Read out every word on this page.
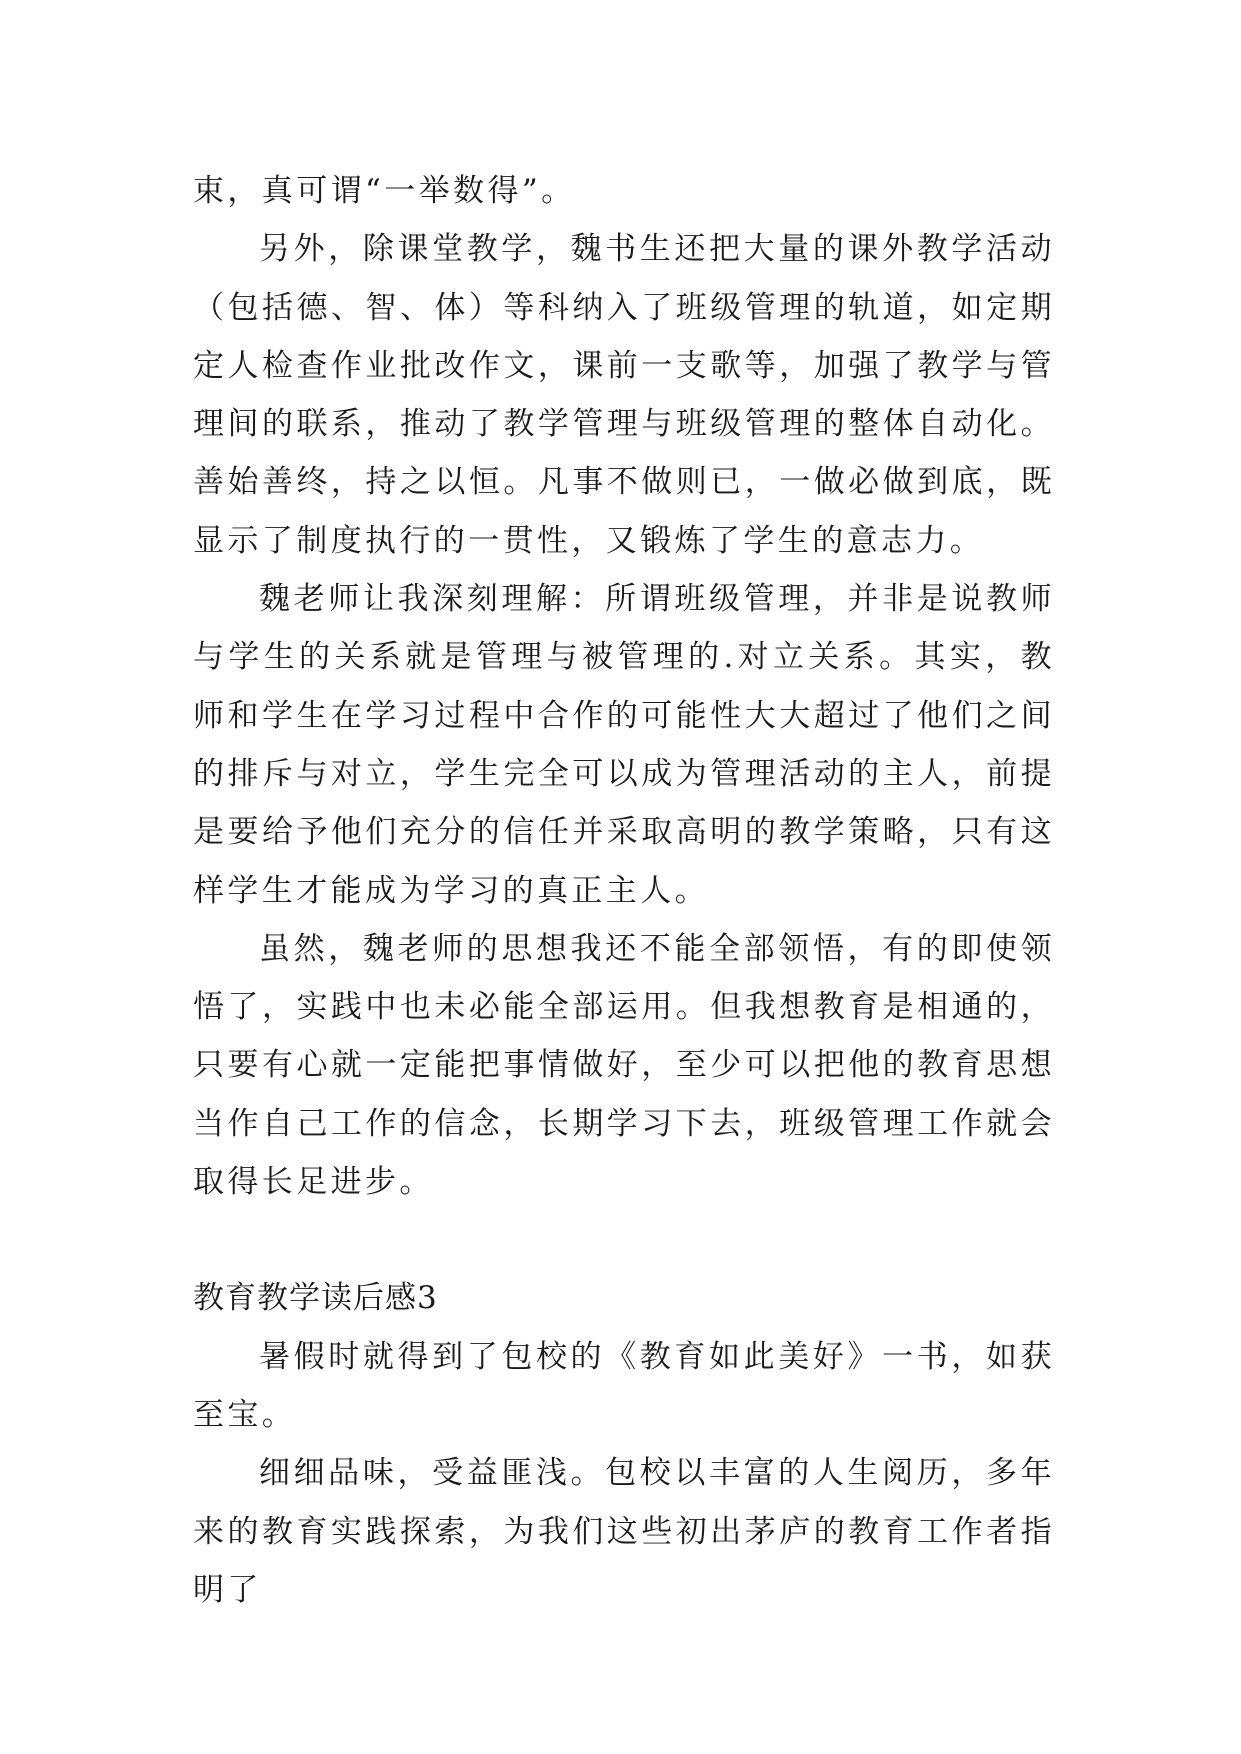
束，真可谓“一举数得”。

另外，除课堂教学，魏书生还把大量的课外教学活动（包括德、智、体）等科纳入了班级管理的轨道，如定期定人检查作业批改作文，课前一支歌等，加强了教学与管理间的联系，推动了教学管理与班级管理的整体自动化。善始善终，持之以恒。凡事不做则已，一做必做到底，既显示了制度执行的一贯性，又锻炼了学生的意志力。

魏老师让我深刻理解：所谓班级管理，并非是说教师与学生的关系就是管理与被管理的.对立关系。其实，教师和学生在学习过程中合作的可能性大大超过了他们之间的排斥与对立，学生完全可以成为管理活动的主人，前提是要给予他们充分的信任并采取高明的教学策略，只有这样学生才能成为学习的真正主人。

虽然，魏老师的思想我还不能全部领悟，有的即使领悟了，实践中也未必能全部运用。但我想教育是相通的，只要有心就一定能把事情做好，至少可以把他的教育思想当作自己工作的信念，长期学习下去，班级管理工作就会取得长足进步。

教育教学读后感3

暑假时就得到了包校的《教育如此美好》一书，如获至宝。

细细品味，受益匪浅。包校以丰富的人生阅历，多年来的教育实践探索，为我们这些初出茅庐的教育工作者指明了
